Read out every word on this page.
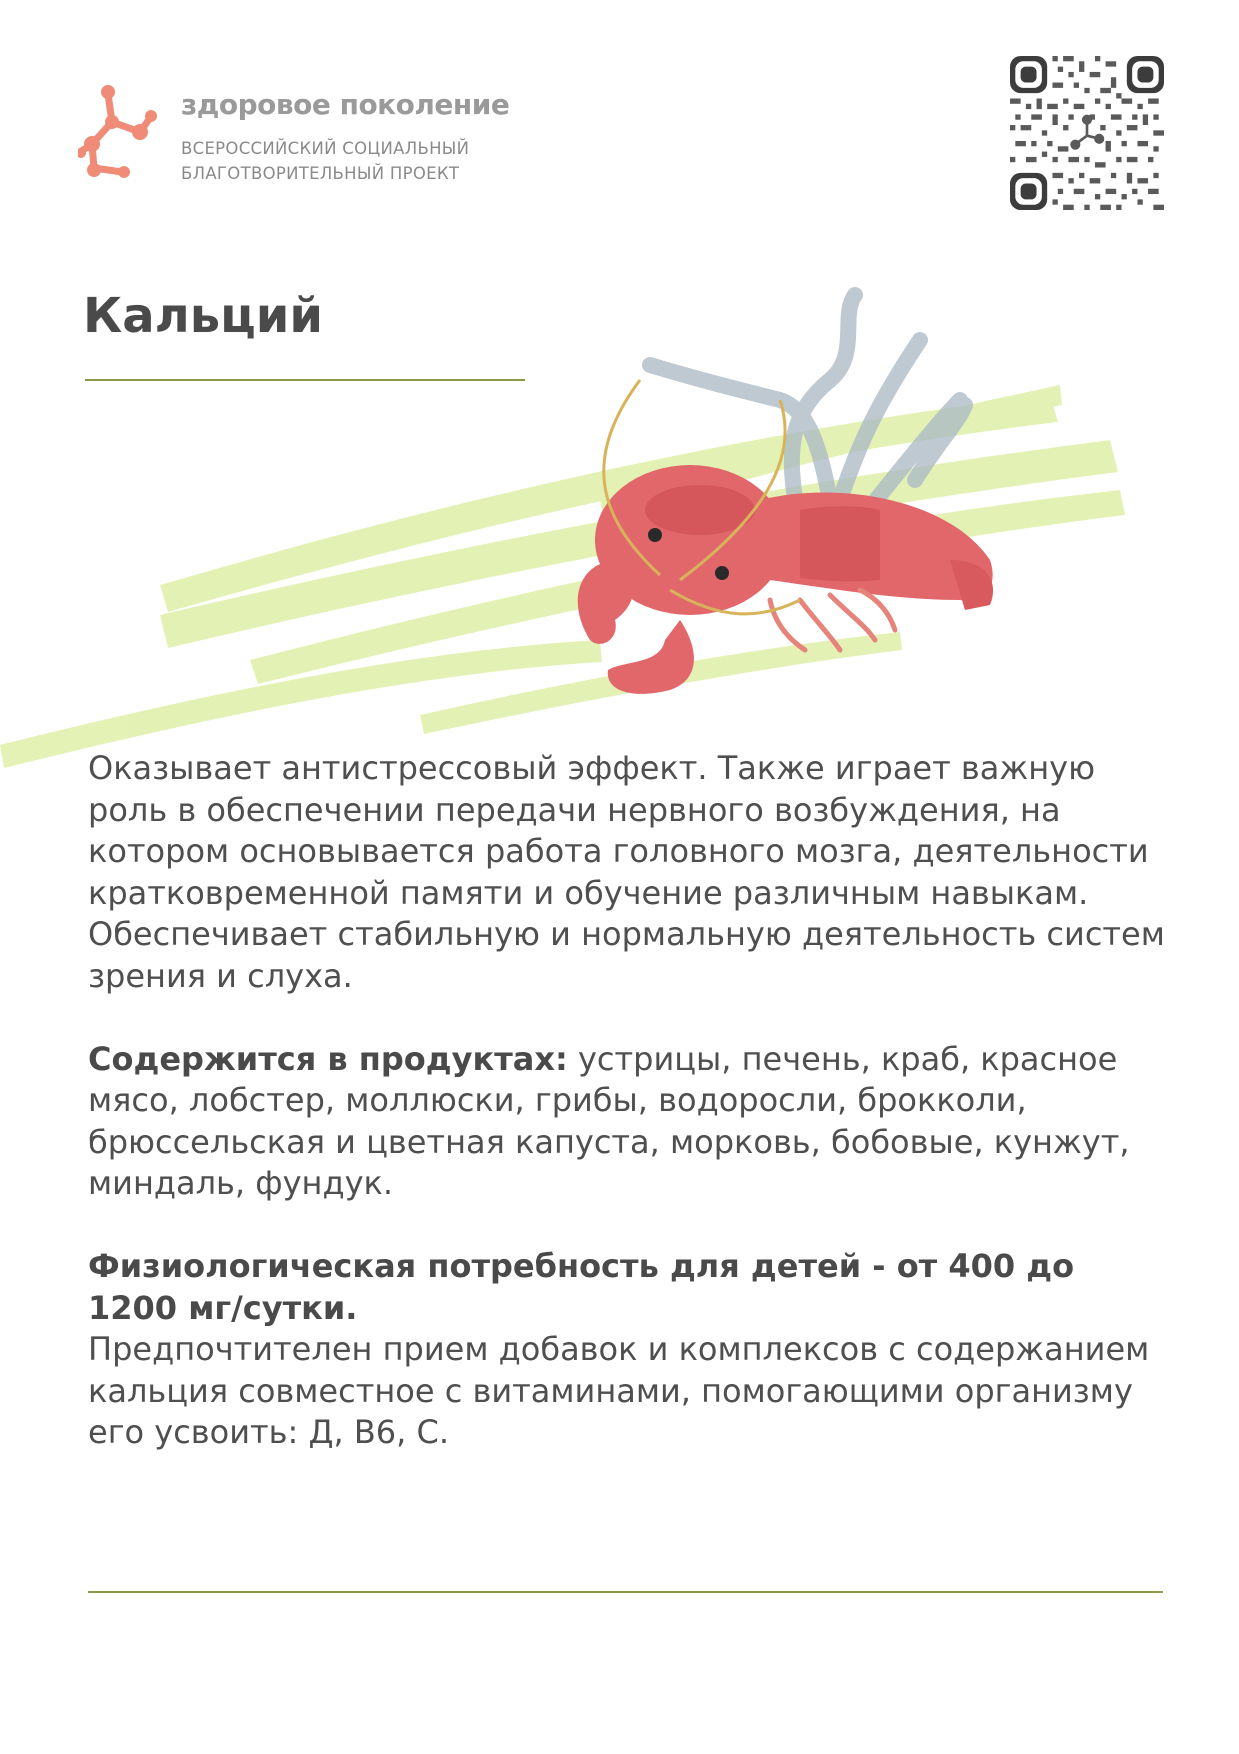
здоровое поколение
ВСЕРОССИЙСКИЙ СОЦИАЛЬНЫЙ
БЛАГОТВОРИТЕЛЬНЫЙ ПРОЕКТ
Кальций

Оказывает антистрессовый эффект. Также играет важную роль в обеспечении передачи нервного возбуждения, на котором основывается работа головного мозга, деятельности кратковременной памяти и обучение различным навыкам. Обеспечивает стабильную и нормальную деятельность систем зрения и слуха.

Содержится в продуктах: устрицы, печень, краб, красное мясо, лобстер, моллюски, грибы, водоросли, брокколи, брюссельская и цветная капуста, морковь, бобовые, кунжут, миндаль, фундук.

Физиологическая потребность для детей - от 400 до 1200 мг/сутки.

Предпочтителен прием добавок и комплексов с содержанием кальция совместное с витаминами, помогающими организму его усвоить: Д, В6, С.
